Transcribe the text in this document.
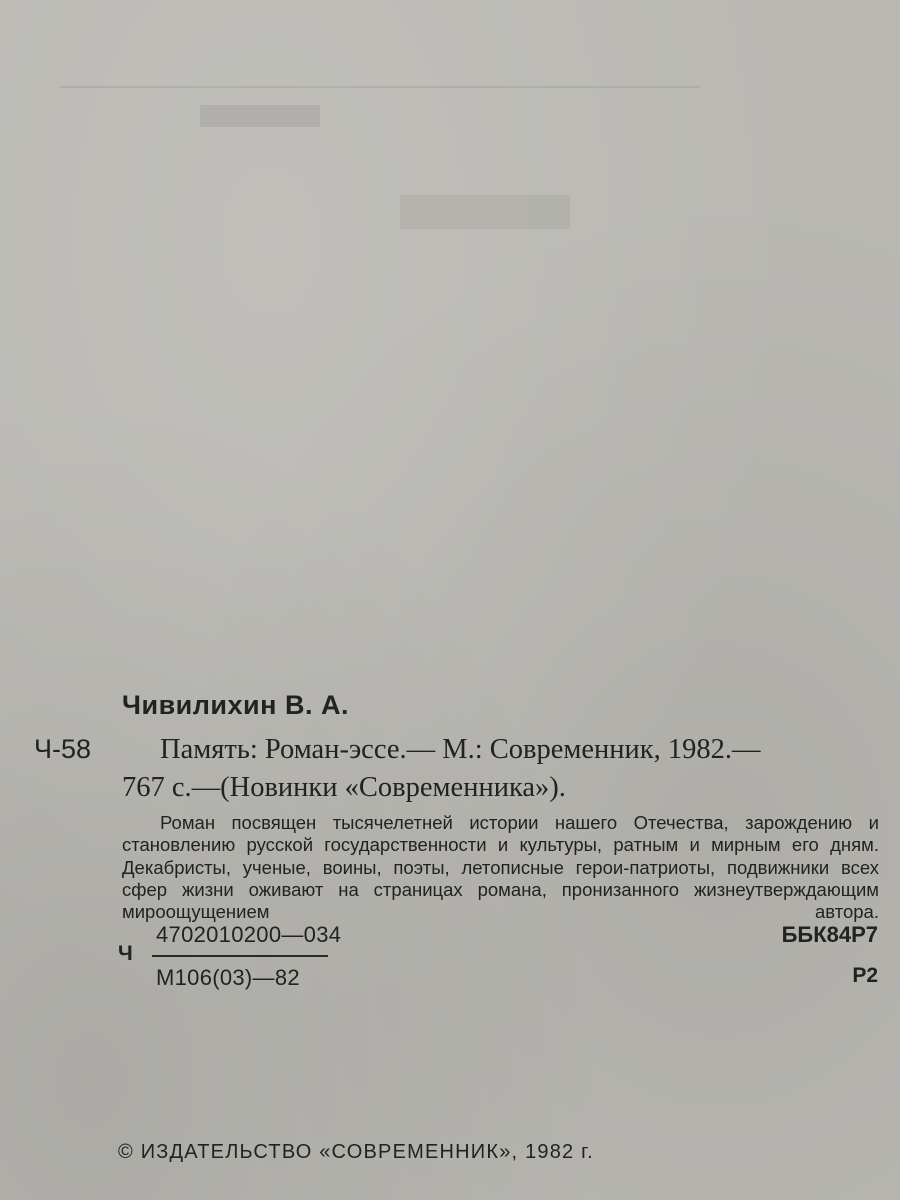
Чивилихин В. А.
Ч-58 Память: Роман-эссе.— М.: Современник, 1982.—
767 с.—(Новинки «Современника»).
Роман посвящен тысячелетней истории нашего Отечества, зарождению и становлению русской государственности и культуры, ратным и мирным его дням. Декабристы, ученые, воины, поэты, летописные герои-патриоты, подвижники всех сфер жизни оживают на страницах романа, пронизанного жизнеутверждающим мироощущением автора.
Ч
4702010200—034
М106(03)—82
ББК84Р7
Р2
© ИЗДАТЕЛЬСТВО «СОВРЕМЕННИК», 1982 г.
